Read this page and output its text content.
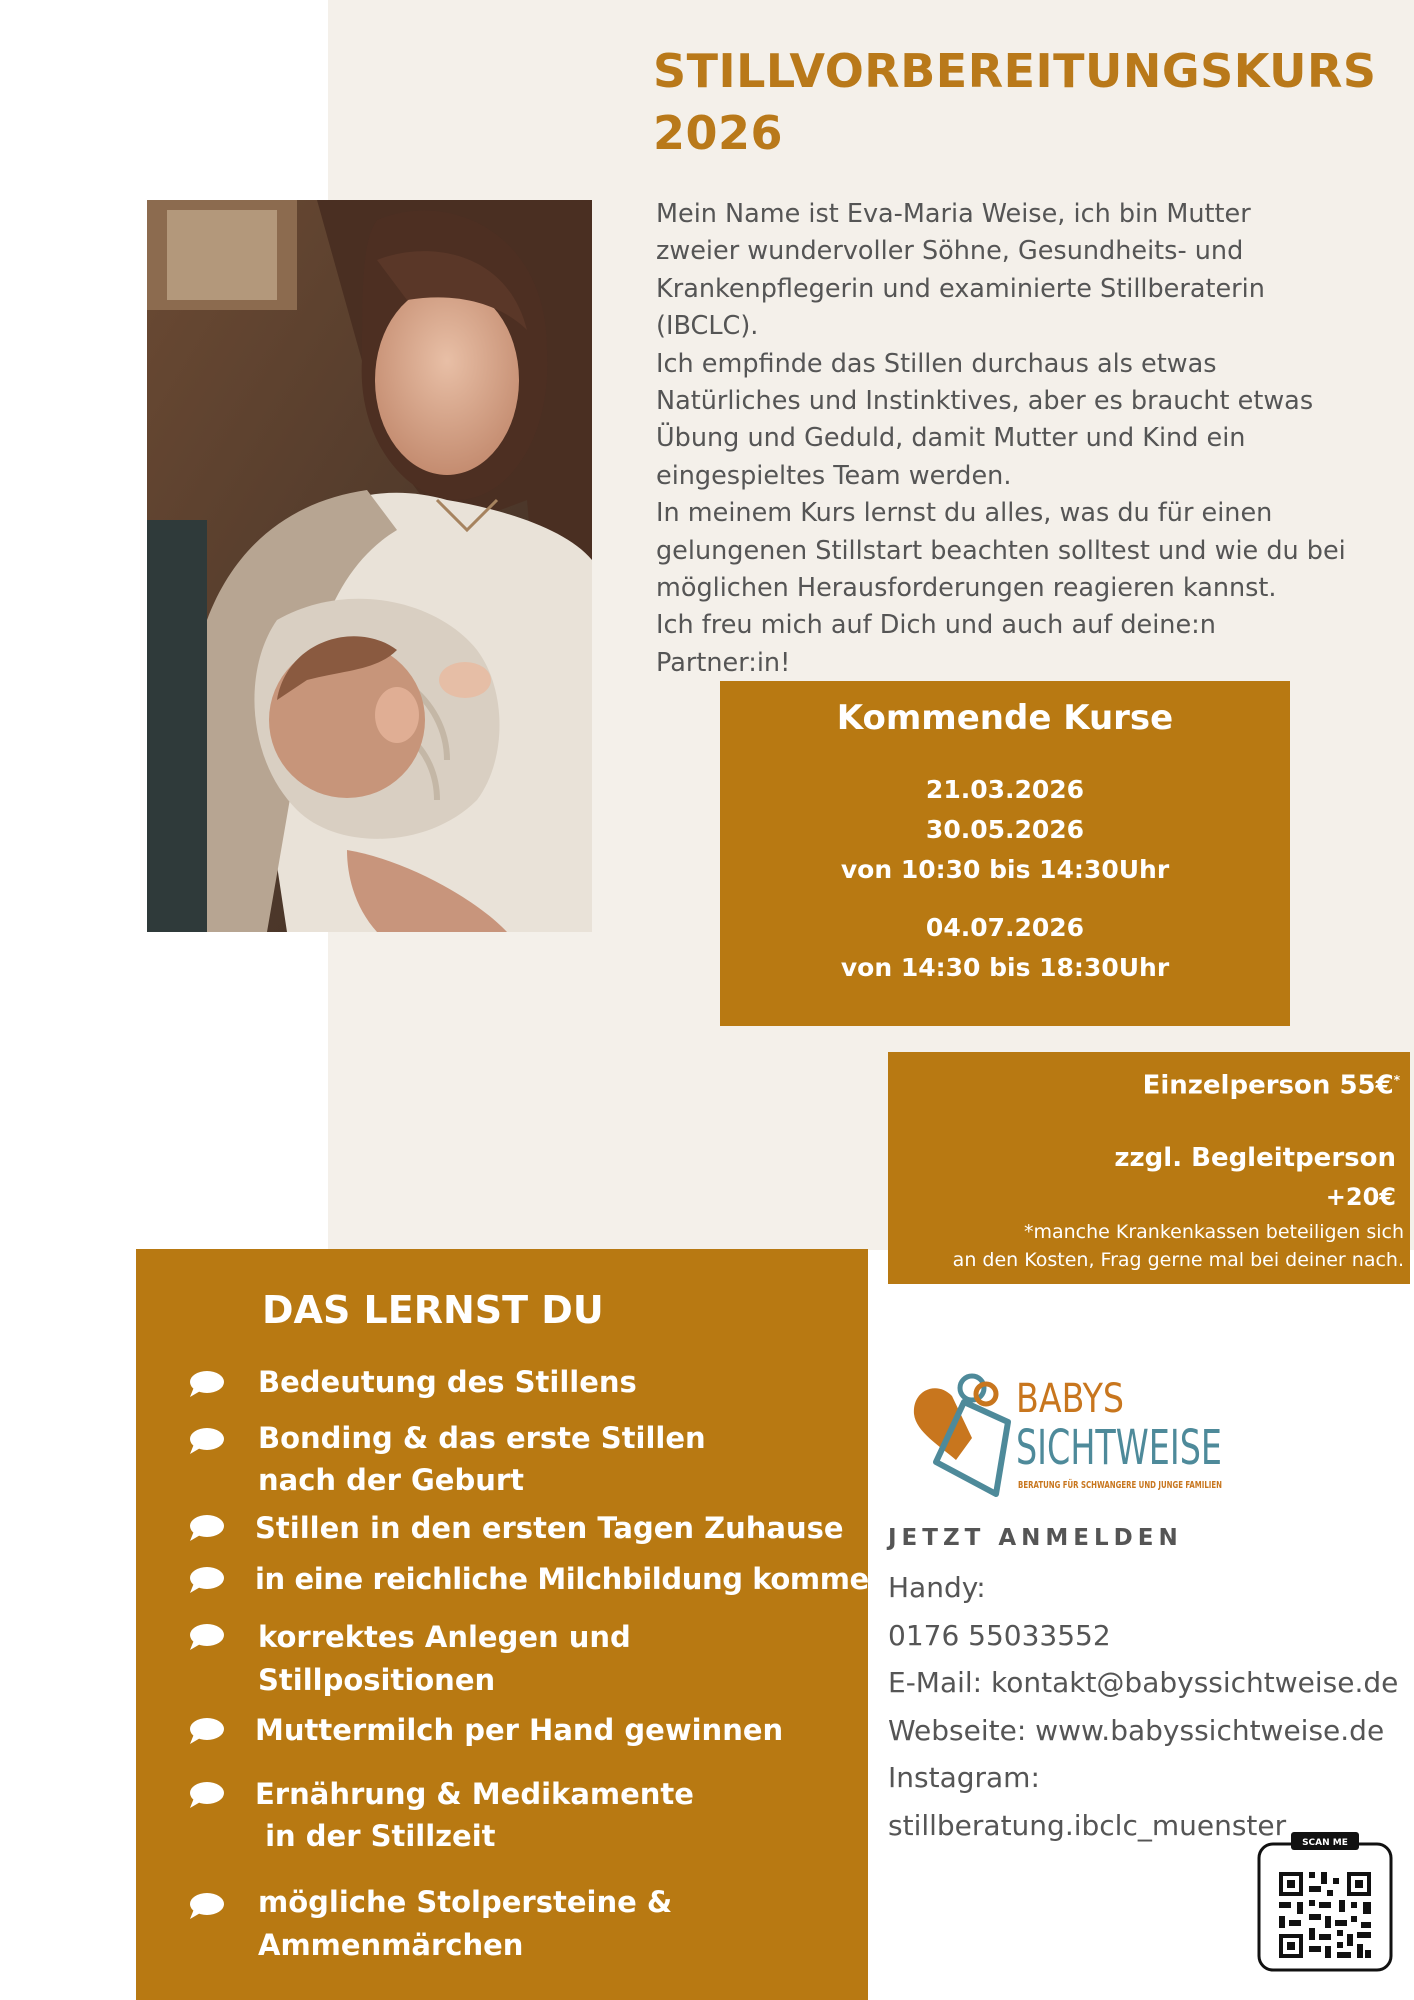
STILLVORBEREITUNGSKURS
2026

Mein Name ist Eva-Maria Weise, ich bin Mutter

zweier wundervoller Söhne, Gesundheits- und

Krankenpflegerin und examinierte Stillberaterin

(IBCLC).

Ich empfinde das Stillen durchaus als etwas

Natürliches und Instinktives, aber es braucht etwas

Übung und Geduld, damit Mutter und Kind ein

eingespieltes Team werden.

In meinem Kurs lernst du alles, was du für einen

gelungenen Stillstart beachten solltest und wie du bei

möglichen Herausforderungen reagieren kannst.

Ich freu mich auf Dich und auch auf deine:n Partner:in!

Kommende Kurse
21.03.2026
30.05.2026
von 10:30 bis 14:30Uhr
04.07.2026
von 14:30 bis 18:30Uhr
Einzelperson 55€*
zzgl. Begleitperson
+20€
*manche Krankenkassen beteiligen sich
an den Kosten, Frag gerne mal bei deiner nach.
DAS LERNST DU
Bedeutung des Stillens
Bonding & das erste Stillen
nach der Geburt
Stillen in den ersten Tagen Zuhause
in eine reichliche Milchbildung kommen
korrektes Anlegen und
Stillpositionen
Muttermilch per Hand gewinnen
Ernährung & Medikamente
in der Stillzeit
mögliche Stolpersteine &
Ammenmärchen
BABYS
SICHTWEISE
BERATUNG FÜR SCHWANGERE UND JUNGE FAMILIEN
JETZT ANMELDEN
Handy:
0176 55033552
E-Mail: kontakt@babyssichtweise.de
Webseite: www.babyssichtweise.de
Instagram:
stillberatung.ibclc_muenster
SCAN ME
